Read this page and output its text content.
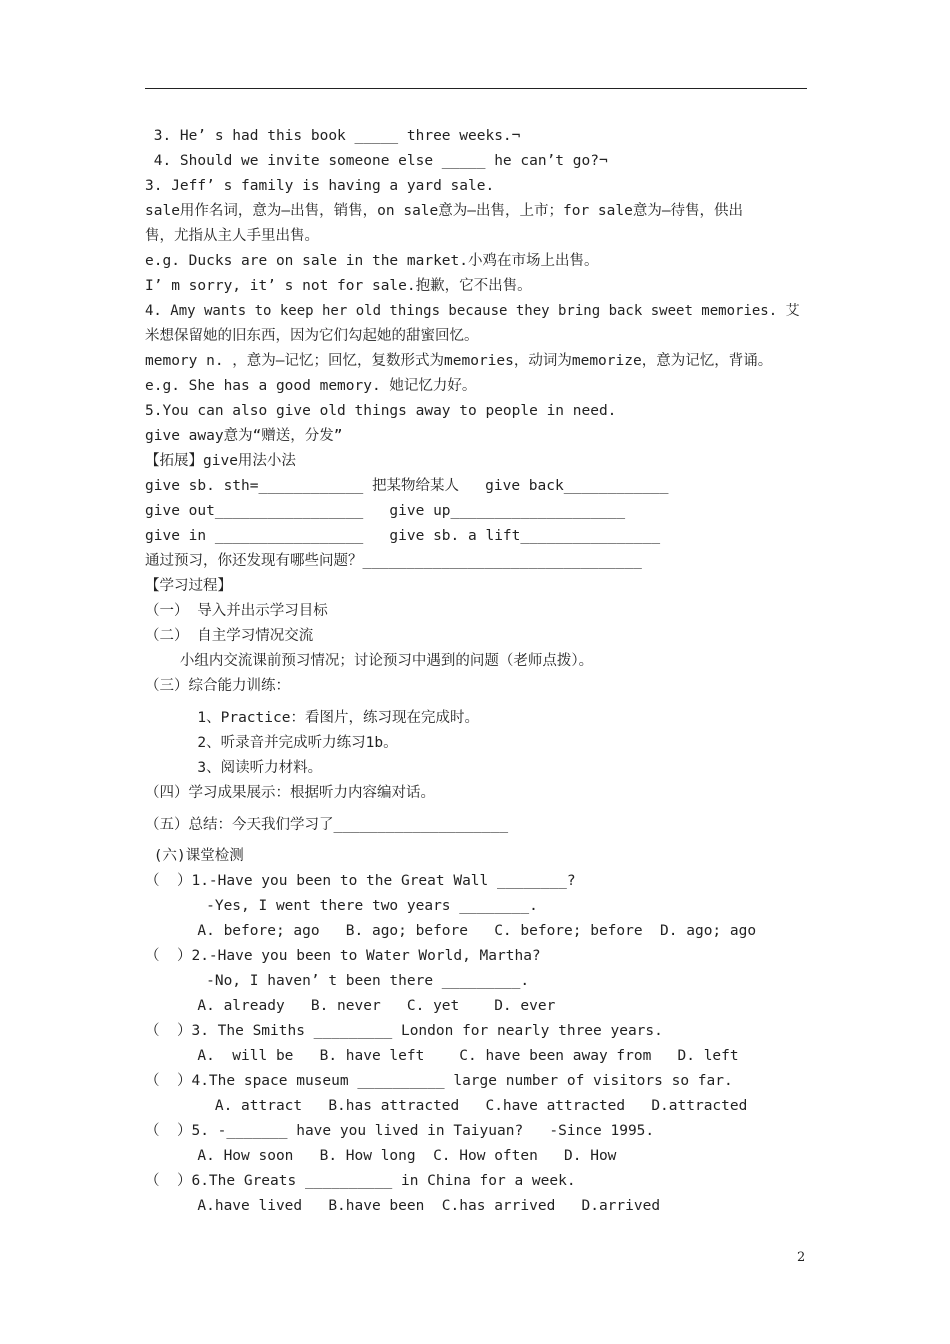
3. He’ s had this book _____ three weeks.¬
4. Should we invite someone else _____ he can’t go?¬
3. Jeff’ s family is having a yard sale.
sale用作名词，意为—出售，销售，on sale意为—出售，上市；for sale意为—待售，供出
售，尤指从主人手里出售。
e.g. Ducks are on sale in the market.小鸡在市场上出售。
I’ m sorry, it’ s not for sale.抱歉，它不出售。
4. Amy wants to keep her old things because they bring back sweet memories. 艾
米想保留她的旧东西，因为它们勾起她的甜蜜回忆。
memory n. ，意为—记忆；回忆，复数形式为memories，动词为memorize，意为记忆，背诵。
e.g. She has a good memory. 她记忆力好。
5.You can also give old things away to people in need.
give away意为“赠送，分发”
【拓展】give用法小法
give sb. sth=____________ 把某物给某人   give back____________
give out_________________   give up____________________
give in _________________   give sb. a lift________________
通过预习，你还发现有哪些问题？________________________________
【学习过程】
（一） 导入并出示学习目标
（二） 自主学习情况交流
小组内交流课前预习情况；讨论预习中遇到的问题（老师点拨）。
（三）综合能力训练：
1、Practice：看图片，练习现在完成时。
2、听录音并完成听力练习1b。
3、阅读听力材料。
（四）学习成果展示：根据听力内容编对话。
（五）总结：今天我们学习了____________________
(六)课堂检测
（  ）1.-Have you been to the Great Wall ________?
-Yes, I went there two years ________.
A. before; ago   B. ago; before   C. before; before  D. ago; ago
（  ）2.-Have you been to Water World, Martha?
-No, I haven’ t been there _________.
A. already   B. never   C. yet    D. ever
（  ）3. The Smiths _________ London for nearly three years.
A.  will be   B. have left    C. have been away from   D. left
（  ）4.The space museum __________ large number of visitors so far.
A. attract   B.has attracted   C.have attracted   D.attracted
（  ）5. -_______ have you lived in Taiyuan?   -Since 1995.
A. How soon   B. How long  C. How often   D. How
（  ）6.The Greats __________ in China for a week.
A.have lived   B.have been  C.has arrived   D.arrived
2
